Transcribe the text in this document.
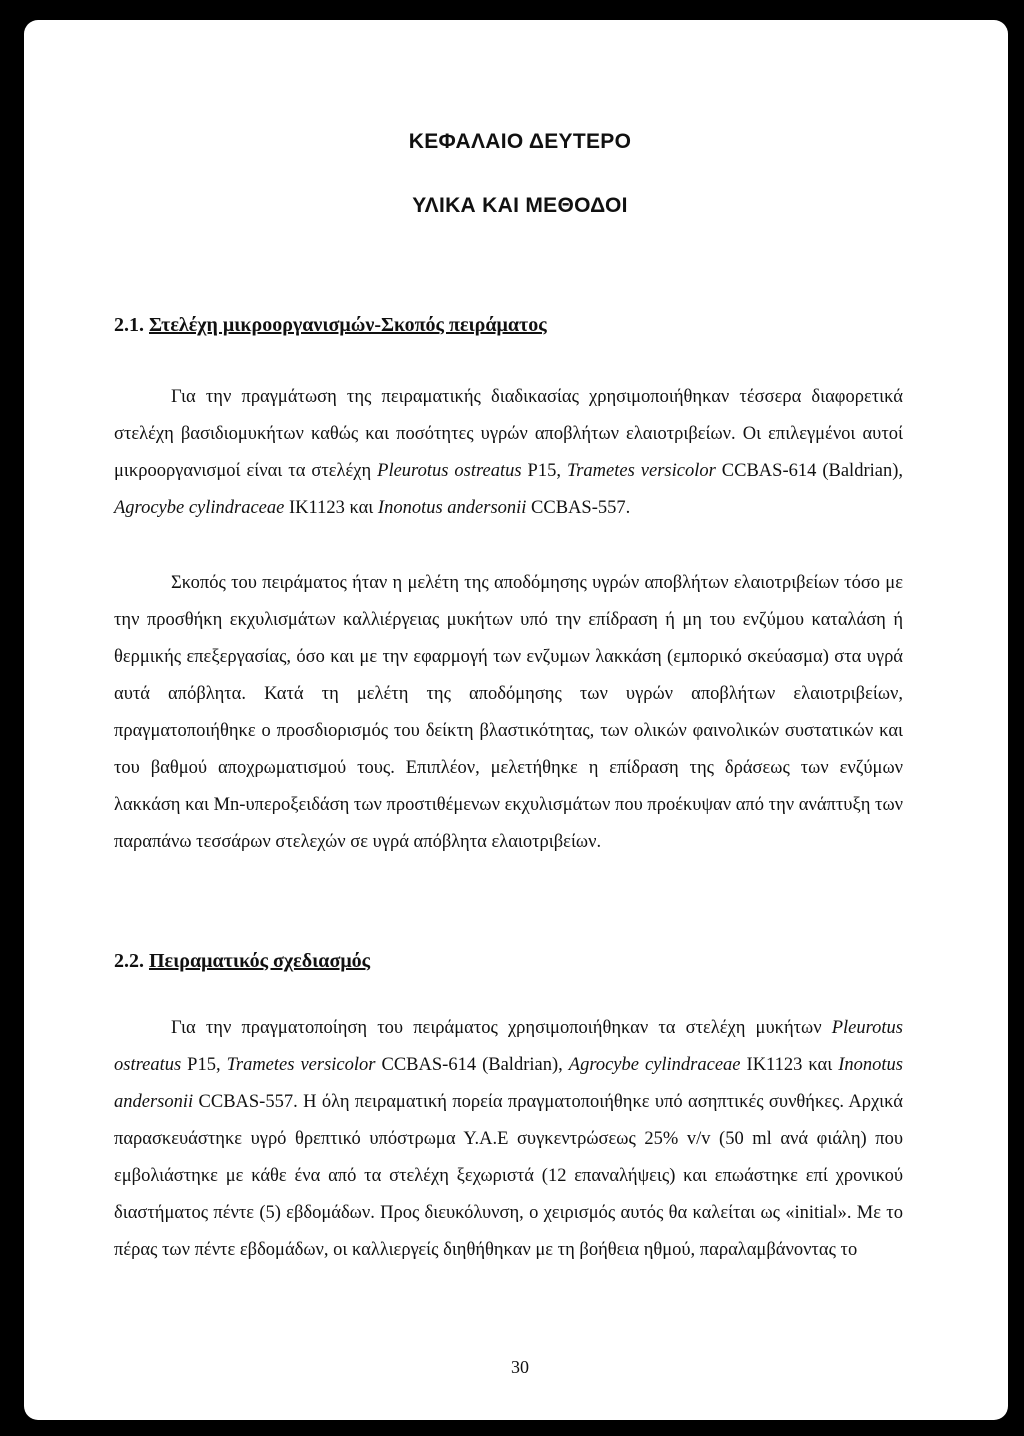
ΚΕΦΑΛΑΙΟ ΔΕΥΤΕΡΟ
ΥΛΙΚΑ ΚΑΙ ΜΕΘΟΔΟΙ
2.1. Στελέχη μικροοργανισμών-Σκοπός πειράματος

Για την πραγμάτωση της πειραματικής διαδικασίας χρησιμοποιήθηκαν τέσσερα διαφορετικά στελέχη βασιδιομυκήτων καθώς και ποσότητες υγρών αποβλήτων ελαιοτριβείων. Οι επιλεγμένοι αυτοί μικροοργανισμοί είναι τα στελέχη Pleurotus ostreatus P15, Trametes versicolor CCBAS-614 (Baldrian), Agrocybe cylindraceae IK1123 και Inonotus andersonii CCBAS-557.

Σκοπός του πειράματος ήταν η μελέτη της αποδόμησης υγρών αποβλήτων ελαιοτριβείων τόσο με την προσθήκη εκχυλισμάτων καλλιέργειας μυκήτων υπό την επίδραση ή μη του ενζύμου καταλάση ή θερμικής επεξεργασίας, όσο και με την εφαρμογή των ενζυμων λακκάση (εμπορικό σκεύασμα) στα υγρά αυτά απόβλητα. Κατά τη μελέτη της αποδόμησης των υγρών αποβλήτων ελαιοτριβείων, πραγματοποιήθηκε ο προσδιορισμός του δείκτη βλαστικότητας, των ολικών φαινολικών συστατικών και του βαθμού αποχρωματισμού τους. Επιπλέον, μελετήθηκε η επίδραση της δράσεως των ενζύμων λακκάση και Mn-υπεροξειδάση των προστιθέμενων εκχυλισμάτων που προέκυψαν από την ανάπτυξη των παραπάνω τεσσάρων στελεχών σε υγρά απόβλητα ελαιοτριβείων.

2.2. Πειραματικός σχεδιασμός

Για την πραγματοποίηση του πειράματος χρησιμοποιήθηκαν τα στελέχη μυκήτων Pleurotus ostreatus P15, Trametes versicolor CCBAS-614 (Baldrian), Agrocybe cylindraceae IK1123 και Inonotus andersonii CCBAS-557. Η όλη πειραματική πορεία πραγματοποιήθηκε υπό ασηπτικές συνθήκες. Αρχικά παρασκευάστηκε υγρό θρεπτικό υπόστρωμα Υ.Α.Ε συγκεντρώσεως 25% v/v (50 ml ανά φιάλη) που εμβολιάστηκε με κάθε ένα από τα στελέχη ξεχωριστά (12 επαναλήψεις) και επωάστηκε επί χρονικού διαστήματος πέντε (5) εβδομάδων. Προς διευκόλυνση, ο χειρισμός αυτός θα καλείται ως «initial». Με το πέρας των πέντε εβδομάδων, οι καλλιεργείς διηθήθηκαν με τη βοήθεια ηθμού, παραλαμβάνοντας το

30
